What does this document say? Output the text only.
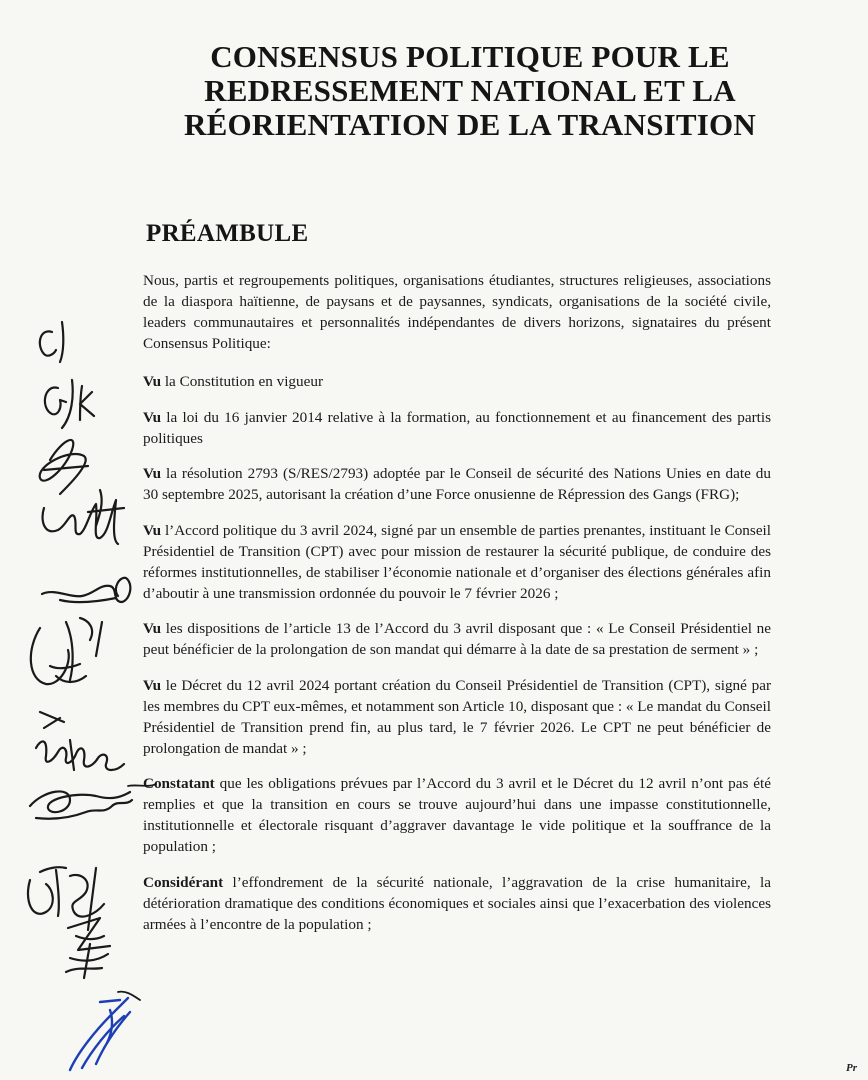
CONSENSUS POLITIQUE POUR LE
REDRESSEMENT NATIONAL ET LA
RÉORIENTATION DE LA TRANSITION
PRÉAMBULE

Nous, partis et regroupements politiques, organisations étudiantes, structures religieuses, associations de la diaspora haïtienne, de paysans et de paysannes, syndicats, organisations de la société civile, leaders communautaires et personnalités indépendantes de divers horizons, signataires du présent Consensus Politique:

Vu la Constitution en vigueur

Vu la loi du 16 janvier 2014 relative à la formation, au fonctionnement et au financement des partis politiques

Vu la résolution 2793 (S/RES/2793) adoptée par le Conseil de sécurité des Nations Unies en date du 30 septembre 2025, autorisant la création d’une Force onusienne de Répression des Gangs (FRG);

Vu l’Accord politique du 3 avril 2024, signé par un ensemble de parties prenantes, instituant le Conseil Présidentiel de Transition (CPT) avec pour mission de restaurer la sécurité publique, de conduire des réformes institutionnelles, de stabiliser l’économie nationale et d’organiser des élections générales afin d’aboutir à une transmission ordonnée du pouvoir le 7 février 2026 ;

Vu les dispositions de l’article 13 de l’Accord du 3 avril disposant que : « Le Conseil Présidentiel ne peut bénéficier de la prolongation de son mandat qui démarre à la date de sa prestation de serment » ;

Vu le Décret du 12 avril 2024 portant création du Conseil Présidentiel de Transition (CPT), signé par les membres du CPT eux-mêmes, et notamment son Article 10, disposant que : « Le mandat du Conseil Présidentiel de Transition prend fin, au plus tard, le 7 février 2026. Le CPT ne peut bénéficier de prolongation de mandat » ;

Constatant que les obligations prévues par l’Accord du 3 avril et le Décret du 12 avril n’ont pas été remplies et que la transition en cours se trouve aujourd’hui dans une impasse constitutionnelle, institutionnelle et électorale risquant d’aggraver davantage le vide politique et la souffrance de la population ;

Considérant l’effondrement de la sécurité nationale, l’aggravation de la crise humanitaire, la détérioration dramatique des conditions économiques et sociales ainsi que l’exacerbation des violences armées à l’encontre de la population ;

Pr
